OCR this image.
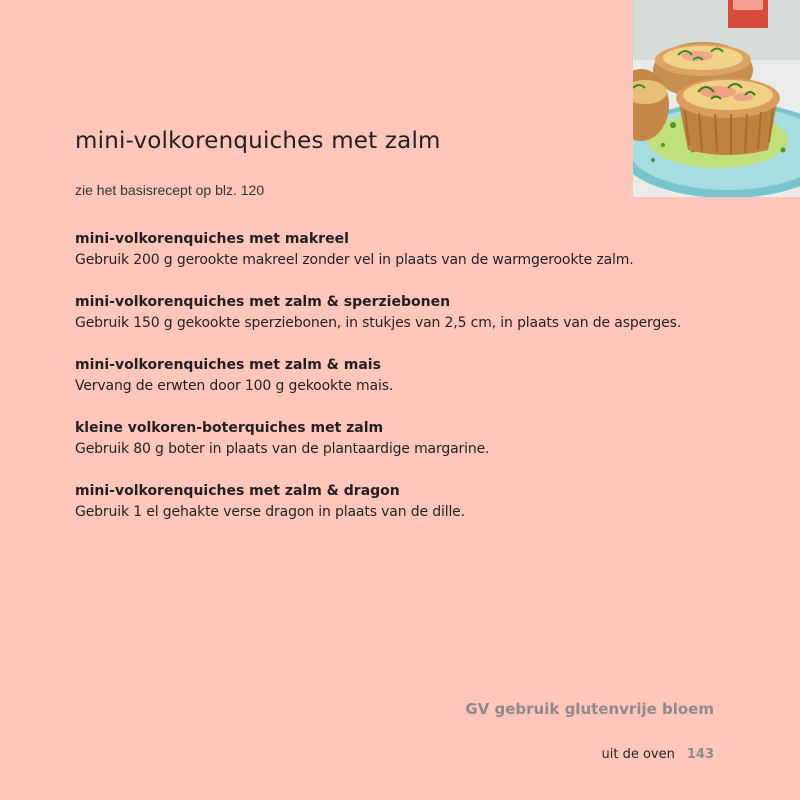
mini-volkorenquiches met zalm
zie het basisrecept op blz. 120
mini-volkorenquiches met makreel
Gebruik 200 g gerookte makreel zonder vel in plaats van de warmgerookte zalm.
mini-volkorenquiches met zalm & sperziebonen
Gebruik 150 g gekookte sperziebonen, in stukjes van 2,5 cm, in plaats van de asperges.
mini-volkorenquiches met zalm & mais
Vervang de erwten door 100 g gekookte mais.
kleine volkoren-boterquiches met zalm
Gebruik 80 g boter in plaats van de plantaardige margarine.
mini-volkorenquiches met zalm & dragon
Gebruik 1 el gehakte verse dragon in plaats van de dille.
GV gebruik glutenvrije bloem
uit de oven 143
